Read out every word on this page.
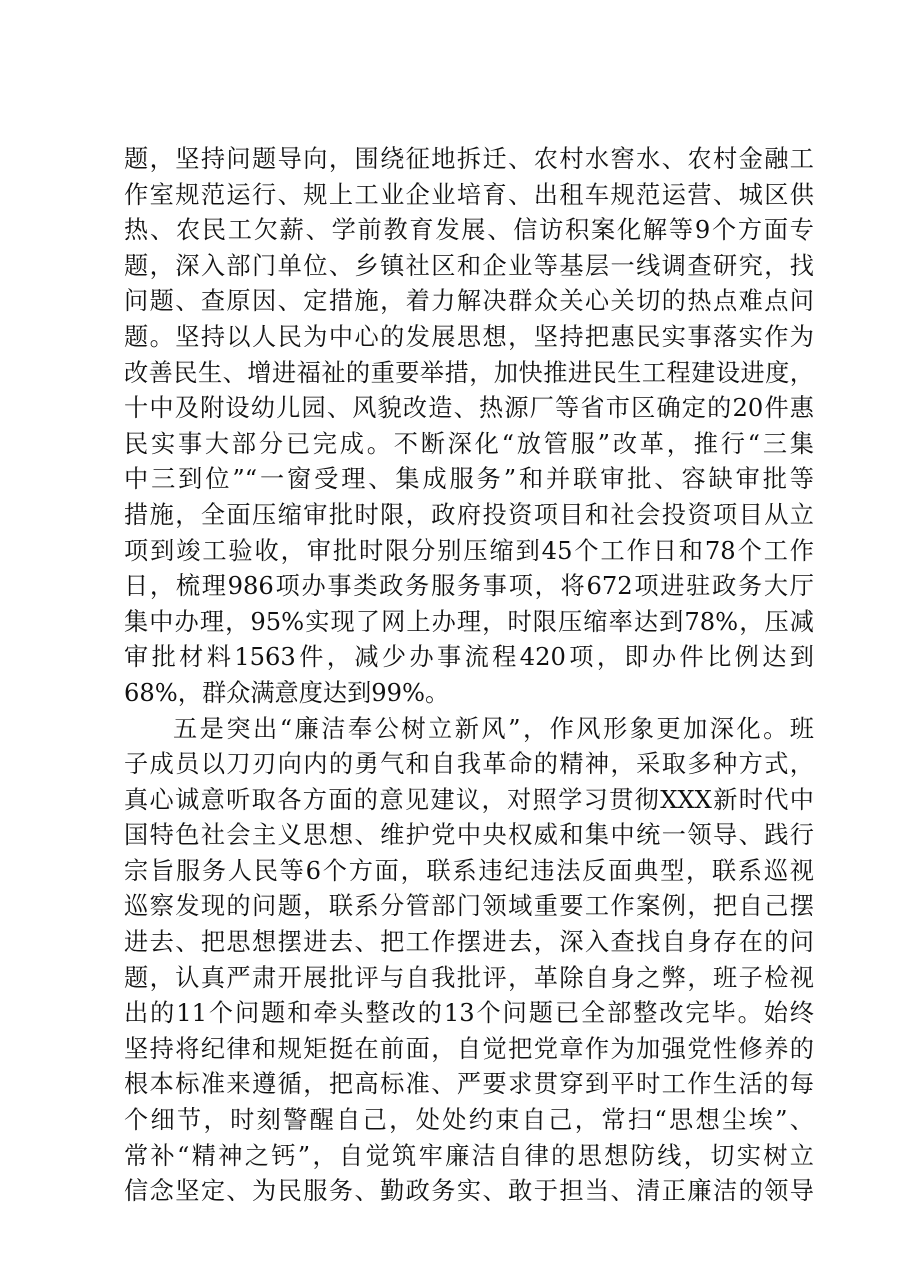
题，坚持问题导向，围绕征地拆迁、农村水窖水、农村金融工
作室规范运行、规上工业企业培育、出租车规范运营、城区供
热、农民工欠薪、学前教育发展、信访积案化解等9个方面专
题，深入部门单位、乡镇社区和企业等基层一线调查研究，找
问题、查原因、定措施，着力解决群众关心关切的热点难点问
题。坚持以人民为中心的发展思想，坚持把惠民实事落实作为
改善民生、增进福祉的重要举措，加快推进民生工程建设进度，
十中及附设幼儿园、风貌改造、热源厂等省市区确定的20件惠
民实事大部分已完成。不断深化“放管服”改革，推行“三集
中三到位”“一窗受理、集成服务”和并联审批、容缺审批等
措施，全面压缩审批时限，政府投资项目和社会投资项目从立
项到竣工验收，审批时限分别压缩到45个工作日和78个工作
日，梳理986项办事类政务服务事项，将672项进驻政务大厅
集中办理，95%实现了网上办理，时限压缩率达到78%，压减
审批材料1563件，减少办事流程420项，即办件比例达到
68%，群众满意度达到99%。
五是突出“廉洁奉公树立新风”，作风形象更加深化。班
子成员以刀刃向内的勇气和自我革命的精神，采取多种方式，
真心诚意听取各方面的意见建议，对照学习贯彻XXX新时代中
国特色社会主义思想、维护党中央权威和集中统一领导、践行
宗旨服务人民等6个方面，联系违纪违法反面典型，联系巡视
巡察发现的问题，联系分管部门领域重要工作案例，把自己摆
进去、把思想摆进去、把工作摆进去，深入查找自身存在的问
题，认真严肃开展批评与自我批评，革除自身之弊，班子检视
出的11个问题和牵头整改的13个问题已全部整改完毕。始终
坚持将纪律和规矩挺在前面，自觉把党章作为加强党性修养的
根本标准来遵循，把高标准、严要求贯穿到平时工作生活的每
个细节，时刻警醒自己，处处约束自己，常扫“思想尘埃”、
常补“精神之钙”，自觉筑牢廉洁自律的思想防线，切实树立
信念坚定、为民服务、勤政务实、敢于担当、清正廉洁的领导
